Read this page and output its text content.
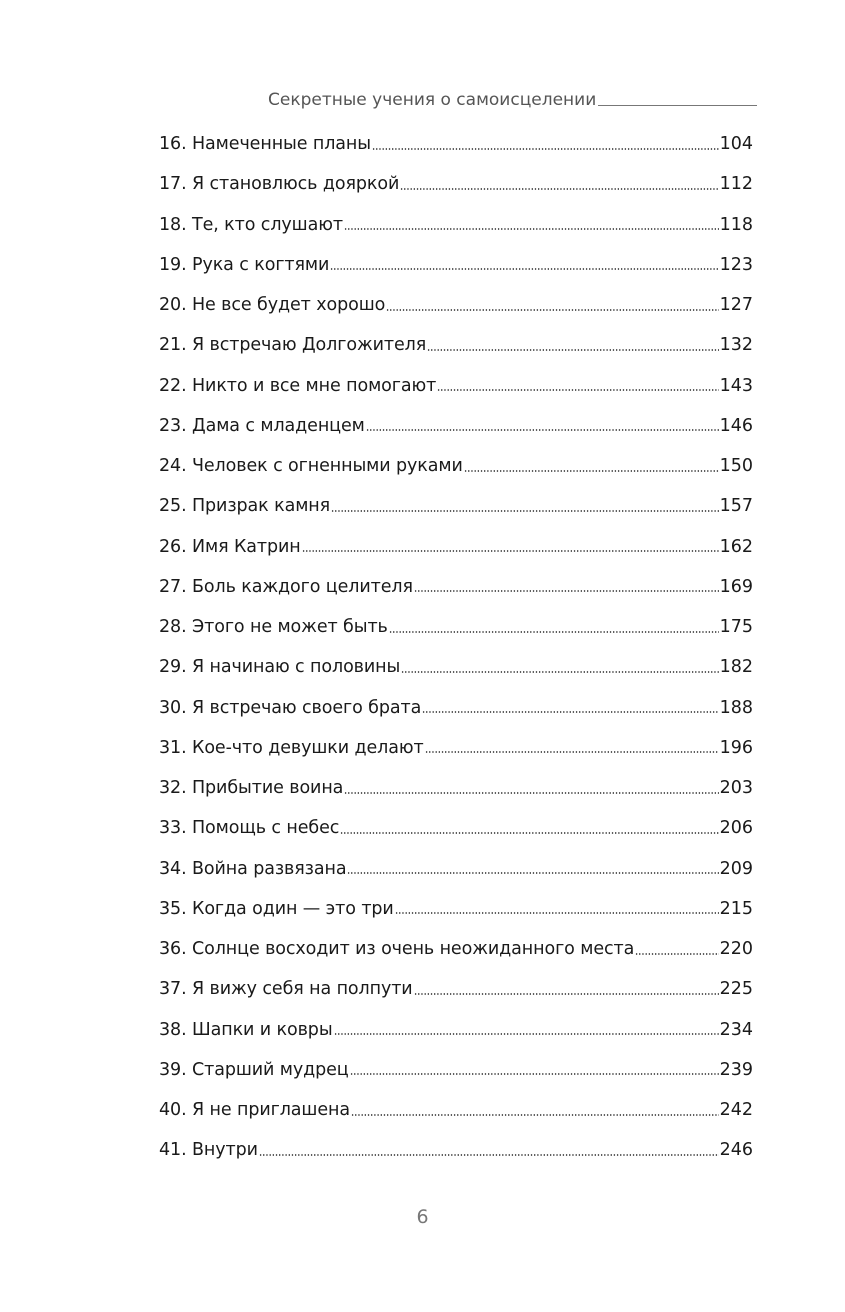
Секретные учения о самоисцелении
16. Намеченные планы	104
17. Я становлюсь дояркой	112
18. Те, кто слушают	118
19. Рука с когтями	123
20. Не все будет хорошо	127
21. Я встречаю Долгожителя	132
22. Никто и все мне помогают	143
23. Дама с младенцем	146
24. Человек с огненными руками	150
25. Призрак камня	157
26. Имя Катрин	162
27. Боль каждого целителя	169
28. Этого не может быть	175
29. Я начинаю с половины	182
30. Я встречаю своего брата	188
31. Кое-что девушки делают	196
32. Прибытие воина	203
33. Помощь с небес	206
34. Война развязана	209
35. Когда один — это три	215
36. Солнце восходит из очень неожиданного места	220
37. Я вижу себя на полпути	225
38. Шапки и ковры	234
39. Старший мудрец	239
40. Я не приглашена	242
41. Внутри	246
6
